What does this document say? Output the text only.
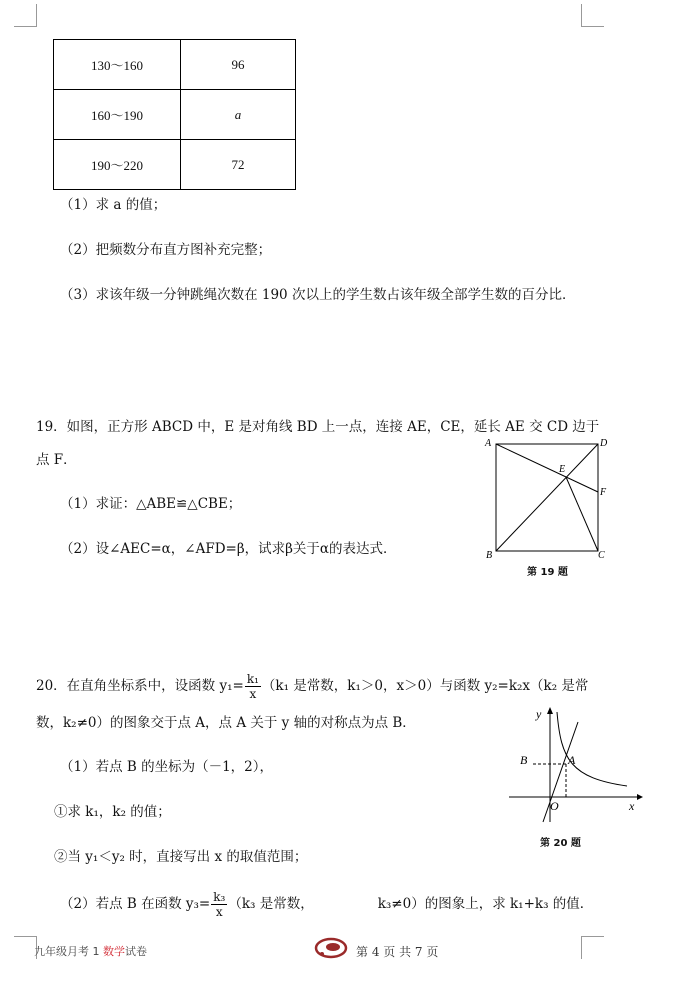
130～160	96
160～190	a
190～220	72
（1）求 a 的值；
（2）把频数分布直方图补充完整；
（3）求该年级一分钟跳绳次数在 190 次以上的学生数占该年级全部学生数的百分比．
19．如图，正方形 ABCD 中，E 是对角线 BD 上一点，连接 AE，CE，延长 AE 交 CD 边于
点 F．
（1）求证：△ABE≌△CBE；
（2）设∠AEC=α，∠AFD=β，试求β关于α的表达式．
A	D
B	C
E
F
第 19 题
20．在直角坐标系中，设函数 $y_1= \frac{\text{k₁}}{x} (k_1$ 是常数，k₁＞0，x＞0）与函数 y₂=k₂x（k₂ 是常
数，k₂≠0）的图象交于点 A，点 A 关于 y 轴的对称点为点 B．
（1）若点 B 的坐标为（－1，2），
①求 k₁，k₂ 的值；
②当 y₁＜y₂ 时，直接写出 x 的取值范围；
（2）若点 B 在函数 $y_3= \frac{\text{k₃}}{x} (k_3$ 是常数，	k₃≠0）的图象上，求 k₁+k₃ 的值．
y
x
O
A
B
第 20 题
九年级月考 1 数学试卷	第 4 页 共 7 页
